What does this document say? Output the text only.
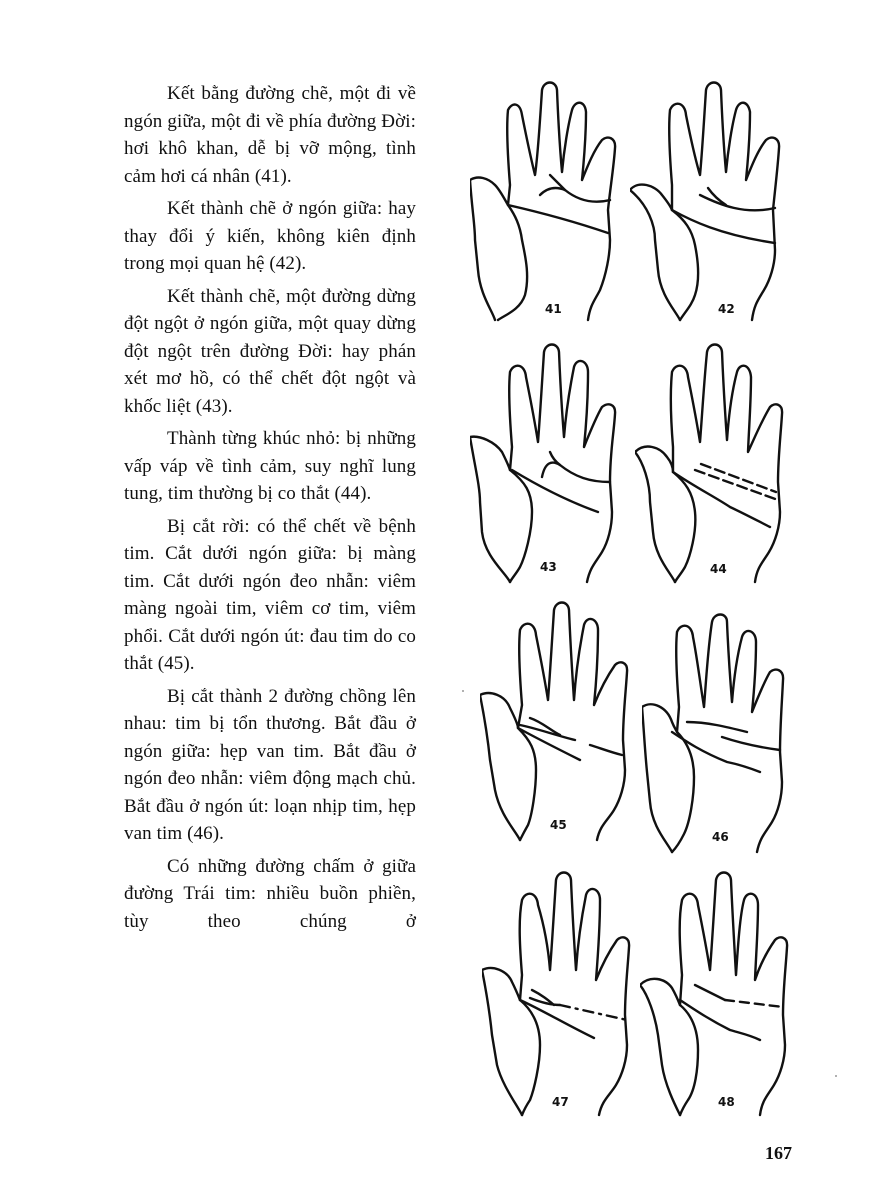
Kết bằng đường chẽ, một đi về ngón giữa, một đi về phía đường Đời: hơi khô khan, dễ bị vỡ mộng, tình cảm hơi cá nhân (41).

Kết thành chẽ ở ngón giữa: hay thay đổi ý kiến, không kiên định trong mọi quan hệ (42).

Kết thành chẽ, một đường dừng đột ngột ở ngón giữa, một quay dừng đột ngột trên đường Đời: hay phán xét mơ hồ, có thể chết đột ngột và khốc liệt (43).

Thành từng khúc nhỏ: bị những vấp váp về tình cảm, suy nghĩ lung tung, tim thường bị co thắt (44).

Bị cắt rời: có thể chết về bệnh tim. Cắt dưới ngón giữa: bị màng tim. Cắt dưới ngón đeo nhẫn: viêm màng ngoài tim, viêm cơ tim, viêm phổi. Cắt dưới ngón út: đau tim do co thắt (45).

Bị cắt thành 2 đường chồng lên nhau: tim bị tổn thương. Bắt đầu ở ngón giữa: hẹp van tim. Bắt đầu ở ngón đeo nhẫn: viêm động mạch chủ. Bắt đầu ở ngón út: loạn nhịp tim, hẹp van tim (46).

Có những đường chấm ở giữa đường Trái tim: nhiều buồn phiền, tùy theo chúng ở

41	42
43	44
45
46
47	48
167
